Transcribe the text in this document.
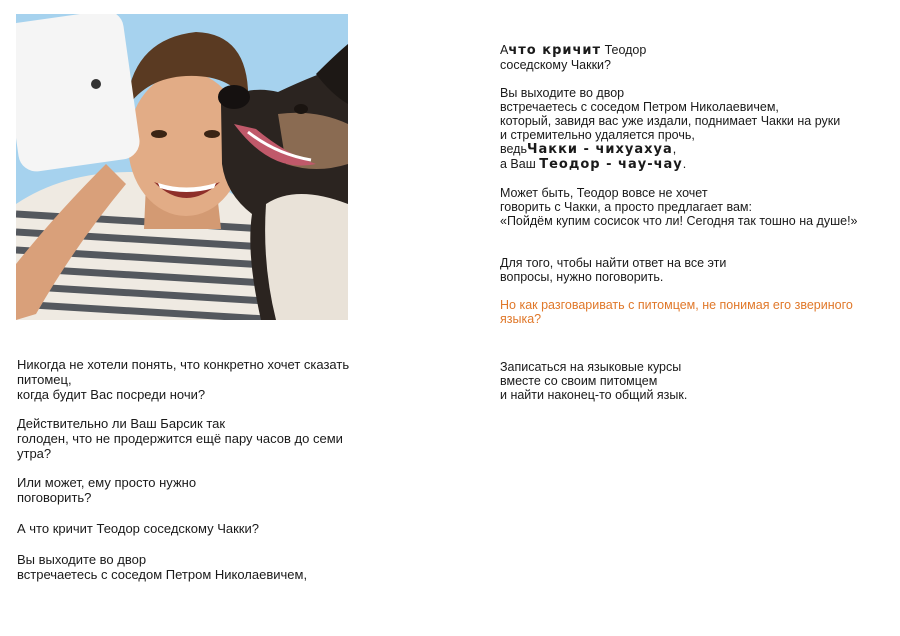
Никогда не хотели понять, что конкретно хочет сказать
питомец,
когда будит Вас посреди ночи?
Действительно ли Ваш Барсик так
голоден, что не продержится ещё пару часов до семи
утра?
Или может, ему просто нужно
поговорить?
А что кричит Теодор соседскому Чакки?
Вы выходите во двор
встречаетесь с соседом Петром Николаевичем,
Ачто кричит Теодор
соседскому Чакки?
Вы выходите во двор
встречаетесь с соседом Петром Николаевичем,
который, завидя вас уже издали, поднимает Чакки на руки
и стремительно удаляется прочь,
ведьЧакки - чихуахуа,
а Ваш Теодор - чау-чау.
Может быть, Теодор вовсе не хочет
говорить с Чакки, а просто предлагает вам:
«Пойдём купим сосисок что ли! Сегодня так тошно на душе!»
Для того, чтобы найти ответ на все эти
вопросы, нужно поговорить.
Но как разговаривать с питомцем, не понимая его звериного
языка?
Записаться на языковые курсы
вместе со своим питомцем
и найти наконец-то общий язык.
